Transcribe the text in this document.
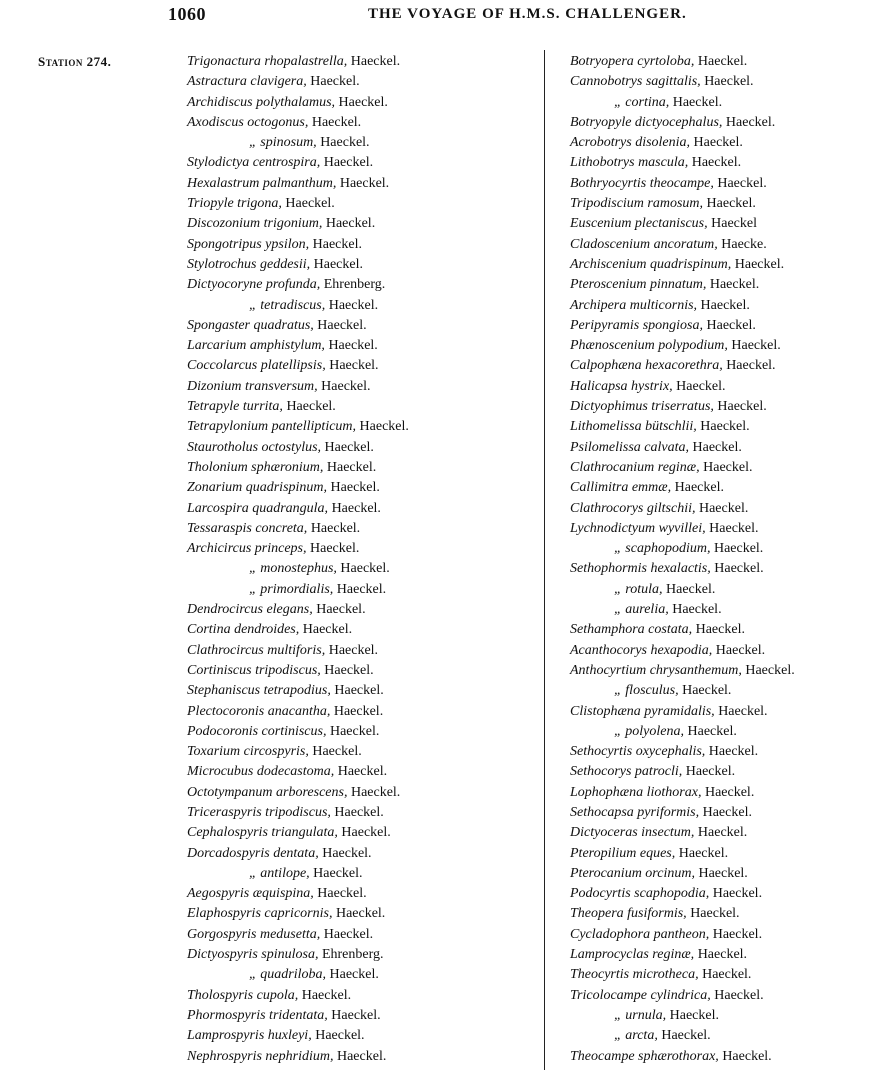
1060	THE VOYAGE OF H.M.S. CHALLENGER.
Station 274.	Trigonactura rhopalastrella, Haeckel.
Astractura clavigera, Haeckel.
Archidiscus polythalamus, Haeckel.
Axodiscus octogonus, Haeckel.
„ spinosum, Haeckel.
Stylodictya centrospira, Haeckel.
Hexalastrum palmanthum, Haeckel.
Triopyle trigona, Haeckel.
Discozonium trigonium, Haeckel.
Spongotripus ypsilon, Haeckel.
Stylotrochus geddesii, Haeckel.
Dictyocoryne profunda, Ehrenberg.
„ tetradiscus, Haeckel.
Spongaster quadratus, Haeckel.
Larcarium amphistylum, Haeckel.
Coccolarcus platellipsis, Haeckel.
Dizonium transversum, Haeckel.
Tetrapyle turrita, Haeckel.
Tetrapylonium pantellipticum, Haeckel.
Staurotholus octostylus, Haeckel.
Tholonium sphæronium, Haeckel.
Zonarium quadrispinum, Haeckel.
Larcospira quadrangula, Haeckel.
Tessaraspis concreta, Haeckel.
Archicircus princeps, Haeckel.
„ monostephus, Haeckel.
„ primordialis, Haeckel.
Dendrocircus elegans, Haeckel.
Cortina dendroides, Haeckel.
Clathrocircus multiforis, Haeckel.
Cortiniscus tripodiscus, Haeckel.
Stephaniscus tetrapodius, Haeckel.
Plectocoronis anacantha, Haeckel.
Podocoronis cortiniscus, Haeckel.
Toxarium circospyris, Haeckel.
Microcubus dodecastoma, Haeckel.
Octotympanum arborescens, Haeckel.
Triceraspyris tripodiscus, Haeckel.
Cephalospyris triangulata, Haeckel.
Dorcadospyris dentata, Haeckel.
„ antilope, Haeckel.
Aegospyris æquispina, Haeckel.
Elaphospyris capricornis, Haeckel.
Gorgospyris medusetta, Haeckel.
Dictyospyris spinulosa, Ehrenberg.
„ quadriloba, Haeckel.
Tholospyris cupola, Haeckel.
Phormospyris tridentata, Haeckel.
Lamprospyris huxleyi, Haeckel.
Nephrospyris nephridium, Haeckel.
Botryopera cyrtoloba, Haeckel.
Cannobotrys sagittalis, Haeckel.
„ cortina, Haeckel.
Botryopyle dictyocephalus, Haeckel.
Acrobotrys disolenia, Haeckel.
Lithobotrys mascula, Haeckel.
Bothryocyrtis theocampe, Haeckel.
Tripodiscium ramosum, Haeckel.
Euscenium plectaniscus, Haeckel
Cladoscenium ancoratum, Haecke.
Archiscenium quadrispinum, Haeckel.
Pteroscenium pinnatum, Haeckel.
Archipera multicornis, Haeckel.
Peripyramis spongiosa, Haeckel.
Phænoscenium polypodium, Haeckel.
Calpophæna hexacorethra, Haeckel.
Halicapsa hystrix, Haeckel.
Dictyophimus triserratus, Haeckel.
Lithomelissa bütschlii, Haeckel.
Psilomelissa calvata, Haeckel.
Clathrocanium reginæ, Haeckel.
Callimitra emmæ, Haeckel.
Clathrocorys giltschii, Haeckel.
Lychnodictyum wyvillei, Haeckel.
„ scaphopodium, Haeckel.
Sethophormis hexalactis, Haeckel.
„ rotula, Haeckel.
„ aurelia, Haeckel.
Sethamphora costata, Haeckel.
Acanthocorys hexapodia, Haeckel.
Anthocyrtium chrysanthemum, Haeckel.
„ flosculus, Haeckel.
Clistophæna pyramidalis, Haeckel.
„ polyolena, Haeckel.
Sethocyrtis oxycephalis, Haeckel.
Sethocorys patrocli, Haeckel.
Lophophæna liothorax, Haeckel.
Sethocapsa pyriformis, Haeckel.
Dictyoceras insectum, Haeckel.
Pteropilium eques, Haeckel.
Pterocanium orcinum, Haeckel.
Podocyrtis scaphopodia, Haeckel.
Theopera fusiformis, Haeckel.
Cycladophora pantheon, Haeckel.
Lamprocyclas reginæ, Haeckel.
Theocyrtis microtheca, Haeckel.
Tricolocampe cylindrica, Haeckel.
„ urnula, Haeckel.
„ arcta, Haeckel.
Theocampe sphærothorax, Haeckel.
